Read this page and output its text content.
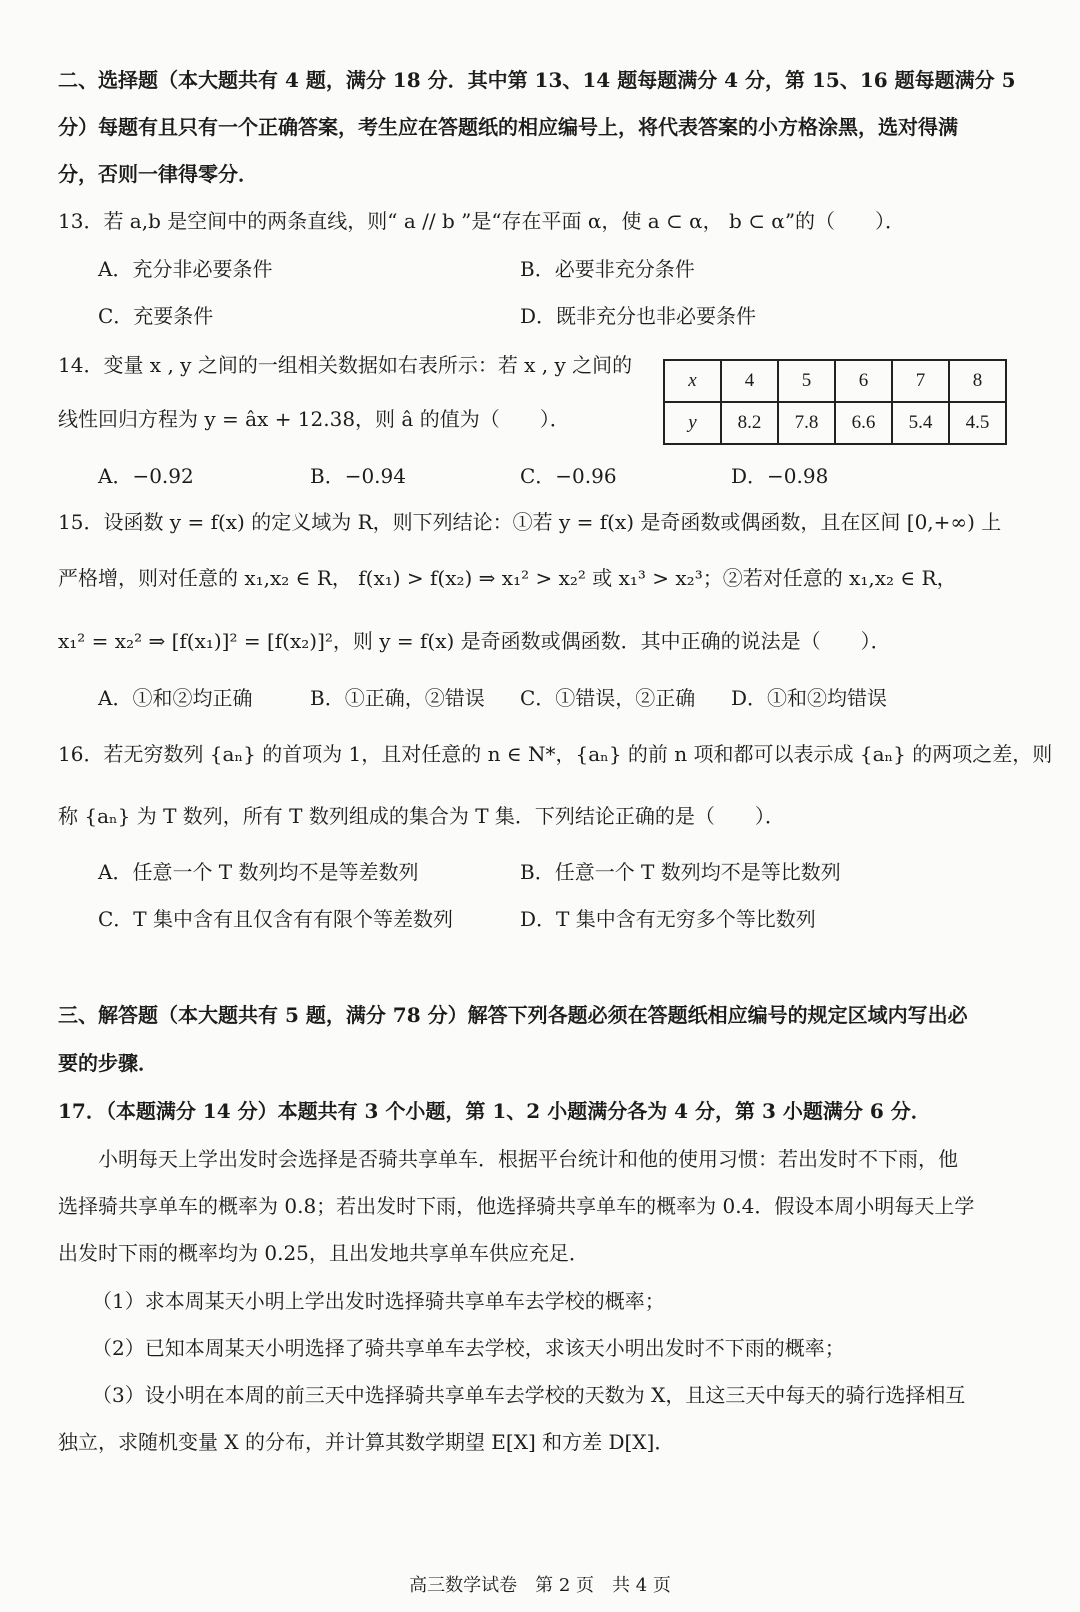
二、选择题（本大题共有 4 题，满分 18 分．其中第 13、14 题每题满分 4 分，第 15、16 题每题满分 5
分）每题有且只有一个正确答案，考生应在答题纸的相应编号上，将代表答案的小方格涂黑，选对得满
分，否则一律得零分．
13．若 a,b 是空间中的两条直线，则“ a // b ”是“存在平面 α，使 a ⊂ α， b ⊂ α”的（　　）．
A．充分非必要条件	B．必要非充分条件
C．充要条件	D．既非充分也非必要条件
14．变量 x , y 之间的一组相关数据如右表所示：若 x , y 之间的
线性回归方程为 y = âx + 12.38，则 â 的值为（　　）．
x	4	5	6	7	8
y	8.2	7.8	6.6	5.4	4.5
A．−0.92	B．−0.94	C．−0.96	D．−0.98
15．设函数 y = f(x) 的定义域为 R，则下列结论：①若 y = f(x) 是奇函数或偶函数，且在区间 [0,+∞) 上
严格增，则对任意的 x₁,x₂ ∈ R， f(x₁) > f(x₂) ⇒ x₁² > x₂² 或 x₁³ > x₂³；②若对任意的 x₁,x₂ ∈ R，
x₁² = x₂² ⇒ [f(x₁)]² = [f(x₂)]²，则 y = f(x) 是奇函数或偶函数．其中正确的说法是（　　）．
A．①和②均正确	B．①正确，②错误 C．①错误，②正确 D．①和②均错误
16．若无穷数列 {aₙ} 的首项为 1，且对任意的 n ∈ N*，{aₙ} 的前 n 项和都可以表示成 {aₙ} 的两项之差，则
称 {aₙ} 为 T 数列，所有 T 数列组成的集合为 T 集．下列结论正确的是（　　）．
A．任意一个 T 数列均不是等差数列	B．任意一个 T 数列均不是等比数列
C．T 集中含有且仅含有有限个等差数列	D．T 集中含有无穷多个等比数列
三、解答题（本大题共有 5 题，满分 78 分）解答下列各题必须在答题纸相应编号的规定区域内写出必
要的步骤．
17．（本题满分 14 分）本题共有 3 个小题，第 1、2 小题满分各为 4 分，第 3 小题满分 6 分．
小明每天上学出发时会选择是否骑共享单车．根据平台统计和他的使用习惯：若出发时不下雨，他
选择骑共享单车的概率为 0.8；若出发时下雨，他选择骑共享单车的概率为 0.4．假设本周小明每天上学
出发时下雨的概率均为 0.25，且出发地共享单车供应充足．
（1）求本周某天小明上学出发时选择骑共享单车去学校的概率；
（2）已知本周某天小明选择了骑共享单车去学校，求该天小明出发时不下雨的概率；
（3）设小明在本周的前三天中选择骑共享单车去学校的天数为 X，且这三天中每天的骑行选择相互
独立，求随机变量 X 的分布，并计算其数学期望 E[X] 和方差 D[X]．
高三数学试卷　第 2 页　共 4 页
